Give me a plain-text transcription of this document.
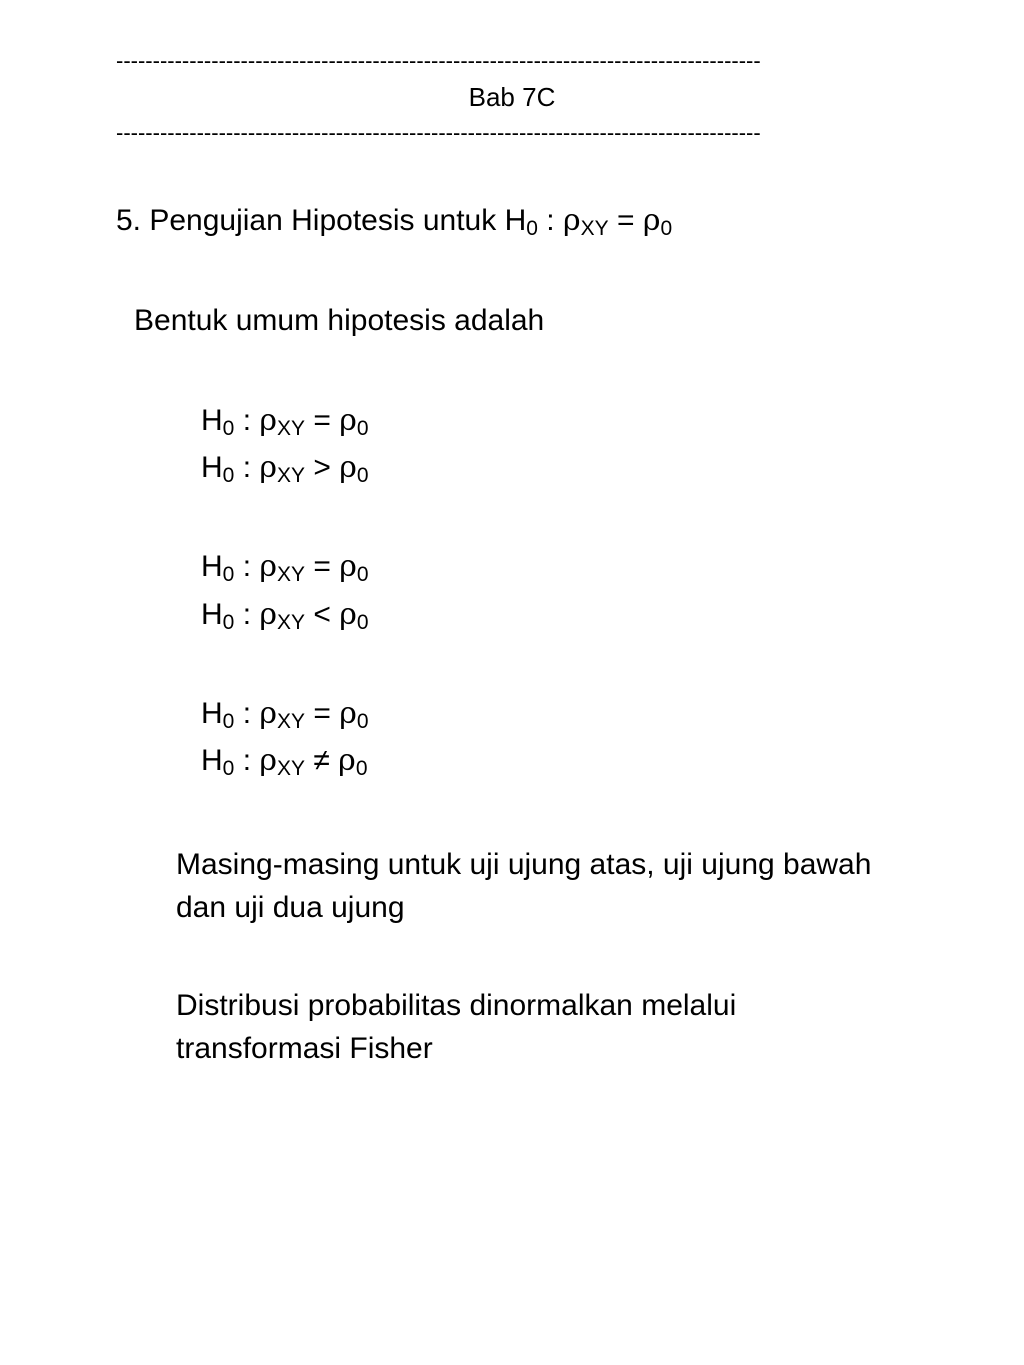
----------------------------------------------------------------------------------------
Bab 7C
----------------------------------------------------------------------------------------
5. Pengujian Hipotesis untuk $H_0$ : $\rho_{XY} = \rho_0$
Bentuk umum hipotesis adalah
$H_0$ : $\rho_{XY} = \rho_0$
$H_0$ : $\rho_{XY} > \rho_0$
$H_0$ : $\rho_{XY} = \rho_0$
$H_0$ : $\rho_{XY} < \rho_0$
$H_0$ : $\rho_{XY} = \rho_0$
$H_0$ : $\rho_{XY} \ne \rho_0$
Masing-masing untuk uji ujung atas, uji ujung bawah dan uji dua ujung
Distribusi probabilitas dinormalkan melalui transformasi Fisher
